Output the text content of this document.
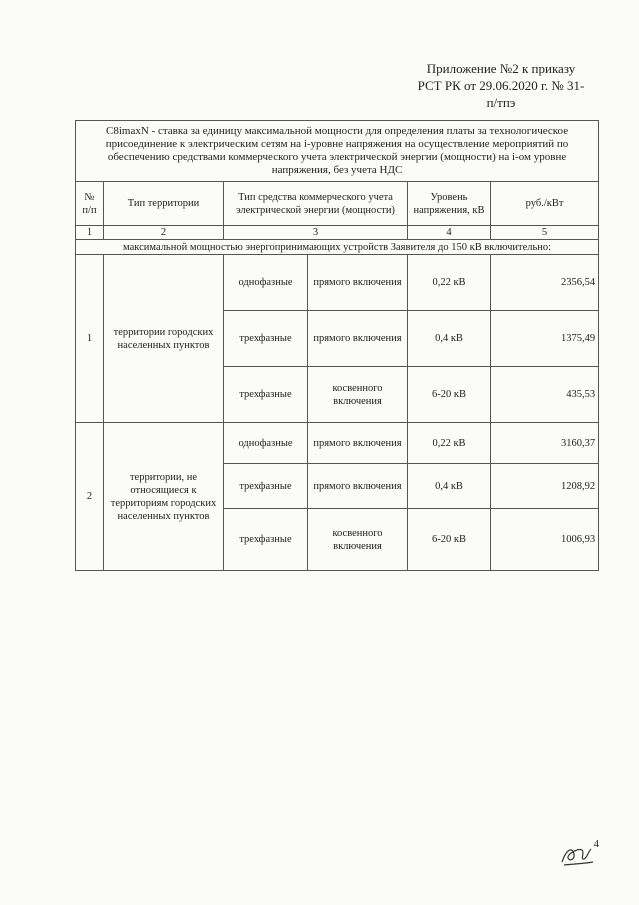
Приложение №2 к приказу
РСТ РК от 29.06.2020 г. № 31-
п/тпэ
C8imaxN - ставка за единицу максимальной мощности для определения платы за технологическое присоединение к электрическим сетям на i-уровне напряжения на осуществление мероприятий по обеспечению средствами коммерческого учета электрической энергии (мощности) на i-ом уровне напряжения, без учета НДС					
№ п/п	Тип территории	Тип средства коммерческого учета электрической энергии (мощности)		Уровень напряжения, кВ	руб./кВт
1	2	3		4	5
максимальной мощностью энергопринимающих устройств Заявителя до 150 кВ включительно:					
1	территории городских населенных пунктов	однофазные	прямого включения	0,22 кВ	2356,54
		трехфазные	прямого включения	0,4 кВ	1375,49
		трехфазные	косвенного включения	6-20 кВ	435,53
2	территории, не относящиеся к территориям городских населенных пунктов	однофазные	прямого включения	0,22 кВ	3160,37
		трехфазные	прямого включения	0,4 кВ	1208,92
		трехфазные	косвенного включения	6-20 кВ	1006,93
4
